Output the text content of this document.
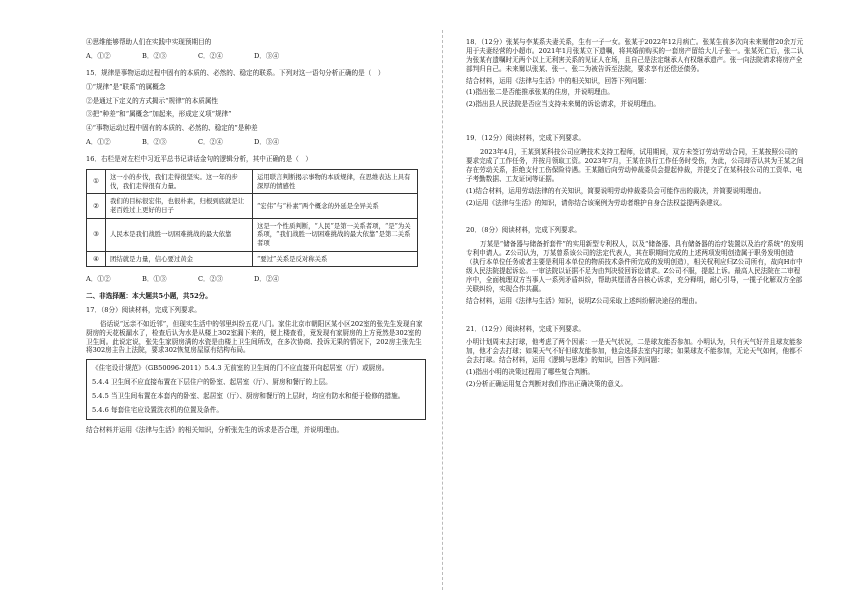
④思维能够帮助人们在实践中实现预期目的

A．①②	B．②③	C．②④	D．③④

15．规律是事物运动过程中固有的本质的、必然的、稳定的联系。下列对这一语句分析正确的是（　）

①“规律”是“联系”的属概念

②是通过下定义的方式揭示“规律”的本质属性

③把“种差”和“属概念”加起来，形成定义项“规律”

④“事物运动过程中固有的本质的、必然的、稳定的”是种差

A．①②	B．②③	C．②④	D．③④

16．右栏是对左栏中习近平总书记讲话金句的逻辑分析，其中正确的是（　）

①	这一小的步伐，我们走得很坚实。这一年的步伐，我们走得很有力量。	运用联言判断揭示事物的本质规律，在思维表达上具有深厚的情感性
②	我们的目标很宏伟，也很朴素，归根到底就是让老百姓过上更好的日子	“宏伟”与“朴素”两个概念的外延是全异关系
③	人民本是我们战胜一切困难挑战的最大依靠	这是一个性质判断，“人民”是第一关系者项，“是”为关系项，“我们战胜一切困难挑战的最大依靠”是第二关系者项
④	团结就是力量，信心要过黄金	“要过”关系是反对称关系
A．①②	B．①③	C．②③	D．②④

二、非选择题：本大题共5小题，共52分。

17．（8分）阅读材料，完成下列要求。

俗话说“远亲不如近邻”，但现实生活中的邻里纠纷五花八门。家住北京市朝阳区某小区202室的张先生发现自家厨房的天花板漏水了，检查后认为水是从楼上302室漏下来的，便上楼查看，竟发现有家厨房的上方竟然是302室的卫生间。此说定说，张先生家厨房满的水瓷是由楼上卫生间所改，在多次协商、投诉无果的情况下，202房主张先生将302房主告上法院，要求302恢复房屋原有结构布局。

《住宅设计规范》（GB50096-2011）5.4.3 无前室的卫生间的门不应直接开向起居室（厅）或厨房。

5.4.4 卫生间不应直接布置在下层住户的卧室、起居室（厅）、厨房和餐厅的上层。

5.4.5 当卫生间布置在本套内的卧室、起居室（厅）、厨房和餐厅的上层时，均应有防水和便于检修的措施。

5.4.6 每套住宅应设置洗衣机的位置及条件。

结合材料并运用《法律与生活》的相关知识，分析张先生的诉求是否合理，并说明理由。

18．（12分）张某与李某系夫妻关系，生有一子一女。张某于2022年12月病亡。张某生前多次向未来舅借20余万元用于夫妻经营的小超市。2021年1月张某立下遗嘱，将其婚前购买的一套房产留给大儿子张一。张某死亡后，张二认为张某有遗嘱时无两个以上无利害关系的见证人在场，且自己是法定继承人有权继承遗产。张一向法院请求将房产全部判归自己。未来舅以张某、张一、张二为被告诉至法院，要求享有还偿还债务。

结合材料，运用《法律与生活》中的相关知识，回答下列问题：

(1)指出张二是否能推承张某的住房，并说明理由。

(2)指出县人民法院是否应当支持未来舅的诉讼请求，并说明理由。

19．（12分）阅读材料，完成下列要求。

2023年4月，王某到某科技公司应聘技术支持工程师，试用期间，双方未签订劳动劳动合同，王某按照公司的要求完成了工作任务，并按月领取工资。2023年7月，王某在执行工作任务时受伤，为此，公司却否认其为王某之间存在劳动关系，拒绝支付工伤保险待遇。王某随后向劳动仲裁委员会提起仲裁，并提交了在某科技公司的工资单、电子考勤数据、工友证词等证据。

(1)结合材料，运用劳动法律的有关知识，简要说明劳动仲裁委员会可能作出的裁决，并简要说明理由。

(2)运用《法律与生活》的知识，请你结合该案例为劳动者维护自身合法权益提两条建议。

20．（8分）阅读材料，完成下列要求。

万某是“储备器与储备折套件”的实用新型专利权人，以及“储备器、具有储备器的治疗装置以及治疗系统”的发明专利申请人。Z公司认为，万某曾系该公司的法定代表人，其在职期间完成的上述两项发明创造属于职务发明创造（执行本单位任务或者主要是利用本单位的物质技术条件所完成的发明创造），相关权利应归Z公司所有，故向H市中级人民法院提起诉讼。一审法院以证据不足为由判决驳回诉讼请求。Z公司不服，提起上诉。最高人民法院在二审程序中，全面梳理双方当事人一系列矛盾纠纷，帮助其厘清各自核心诉求，充分释明，耐心引导，一揽子化解双方全部关联纠纷，实现合作共赢。

结合材料，运用《法律与生活》知识，说明Z公司采取上述纠纷解决途径的理由。

21．（12分）阅读材料，完成下列要求。

小明计划周末去打球，他考虑了两个因素：一是天气状况，二是球友能否参加。小明认为，只有天气好并且球友能参加，他才会去打球；如果天气不好但球友能参加，他会选择去室内打球；如果球友不能参加，无论天气如何，他都不会去打球。结合材料，运用《逻辑与思维》的知识，回答下列问题：

(1)指出小明的决策过程用了哪些复合判断。

(2)分析正确运用复合判断对我们作出正确决策的意义。
